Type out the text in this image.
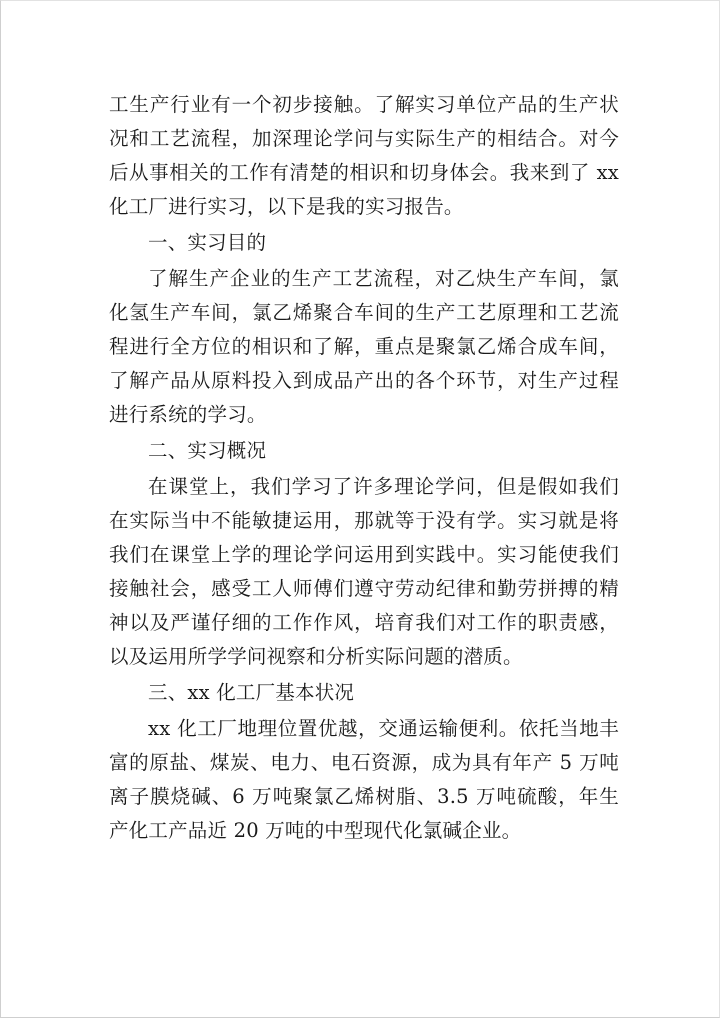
工生产行业有一个初步接触。了解实习单位产品的生产状况和工艺流程，加深理论学问与实际生产的相结合。对今后从事相关的工作有清楚的相识和切身体会。我来到了 xx 化工厂进行实习，以下是我的实习报告。

一、实习目的

了解生产企业的生产工艺流程，对乙炔生产车间，氯化氢生产车间，氯乙烯聚合车间的生产工艺原理和工艺流程进行全方位的相识和了解，重点是聚氯乙烯合成车间，了解产品从原料投入到成品产出的各个环节，对生产过程进行系统的学习。

二、实习概况

在课堂上，我们学习了许多理论学问，但是假如我们在实际当中不能敏捷运用，那就等于没有学。实习就是将我们在课堂上学的理论学问运用到实践中。实习能使我们接触社会，感受工人师傅们遵守劳动纪律和勤劳拼搏的精神以及严谨仔细的工作作风，培育我们对工作的职责感，以及运用所学学问视察和分析实际问题的潜质。

三、xx 化工厂基本状况

xx 化工厂地理位置优越，交通运输便利。依托当地丰富的原盐、煤炭、电力、电石资源，成为具有年产 5 万吨离子膜烧碱、6 万吨聚氯乙烯树脂、3.5 万吨硫酸，年生产化工产品近 20 万吨的中型现代化氯碱企业。
